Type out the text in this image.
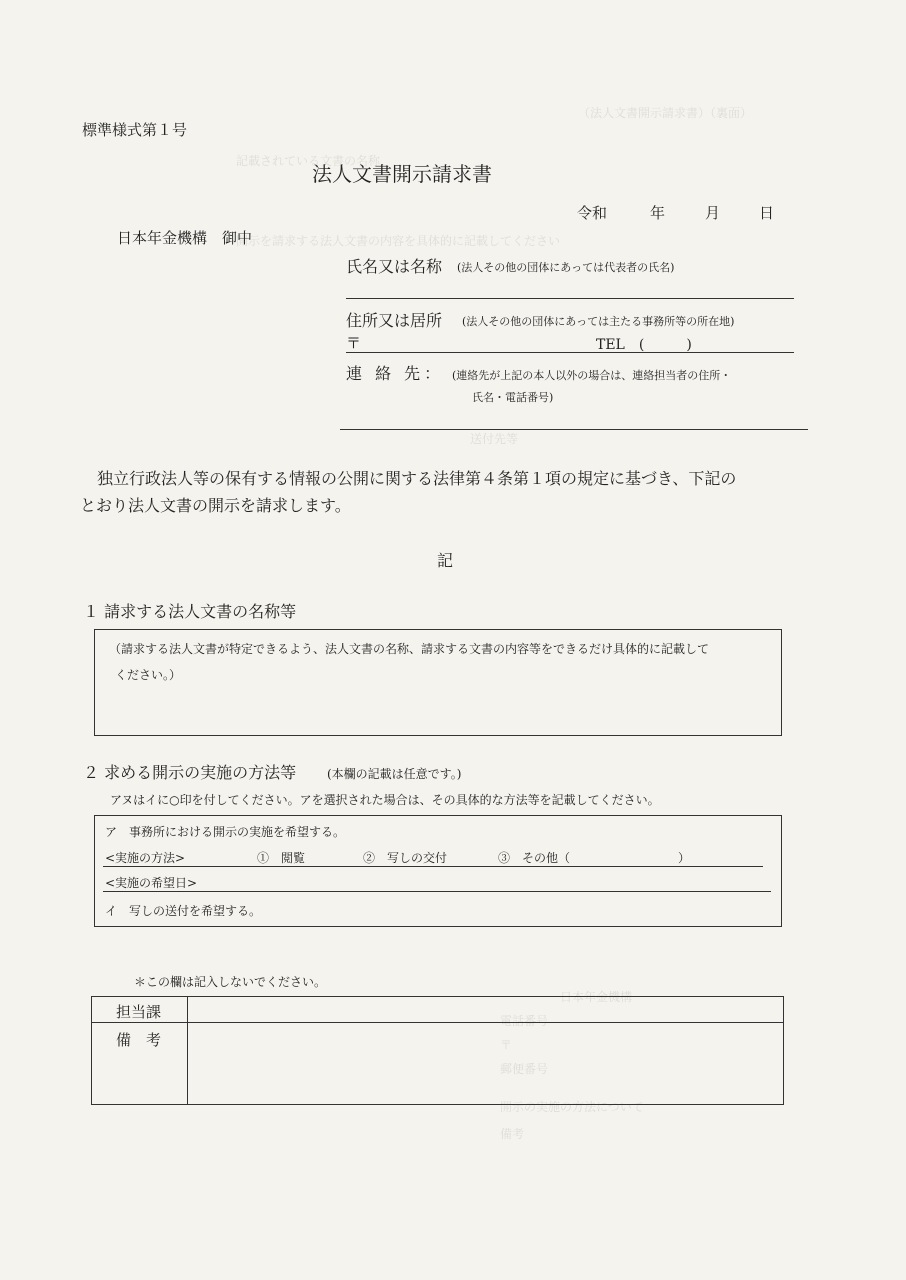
（法人文書開示請求書）（裏面）
記載されている文書の名称
開示を請求する法人文書の内容を具体的に記載してください
送付先等
日本年金機構
電話番号
〒
郵便番号
開示の実施の方法について
備考
標準様式第１号
法人文書開示請求書
令和	年	月	日
日本年金機構　御中
氏名又は名称 (法人その他の団体にあっては代表者の氏名)
住所又は居所 (法人その他の団体にあっては主たる事務所等の所在地)
〒	TEL　(　　　)
連 絡 先： (連絡先が上記の本人以外の場合は、連絡担当者の住所・
氏名・電話番号)
独立行政法人等の保有する情報の公開に関する法律第４条第１項の規定に基づき、下記の
とおり法人文書の開示を請求します。
記
１ 請求する法人文書の名称等
（請求する法人文書が特定できるよう、法人文書の名称、請求する文書の内容等をできるだけ具体的に記載して
ください。）
２ 求める開示の実施の方法等	(本欄の記載は任意です。)
アヌはイに○印を付してください。アを選択された場合は、その具体的な方法等を記載してください。
ア　事務所における開示の実施を希望する。
<実施の方法>	①　閲覧	②　写しの交付	③　その他（　　　　　　　　　）
<実施の希望日>
イ　写しの送付を希望する。
＊この欄は記入しないでください。
担当課
備　考
